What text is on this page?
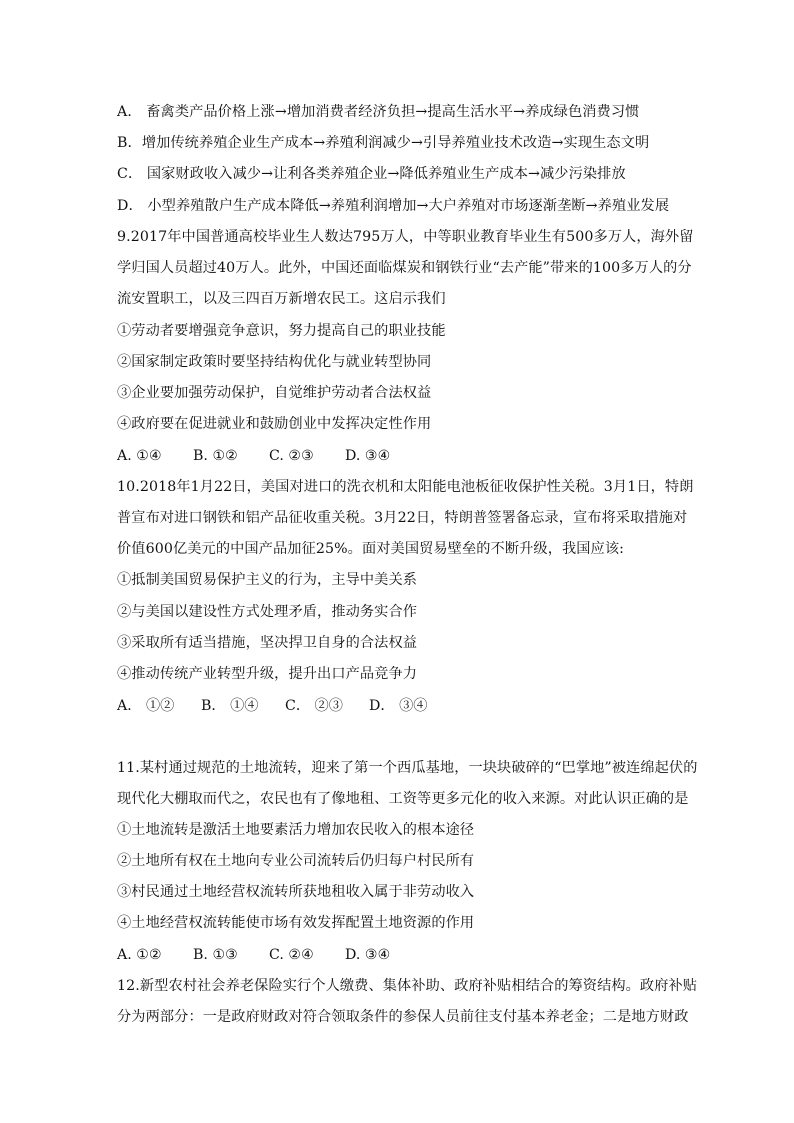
A． 畜禽类产品价格上涨→增加消费者经济负担→提高生活水平→养成绿色消费习惯
B．增加传统养殖企业生产成本→养殖利润减少→引导养殖业技术改造→实现生态文明
C． 国家财政收入减少→让利各类养殖企业→降低养殖业生产成本→减少污染排放
D． 小型养殖散户生产成本降低→养殖利润增加→大户养殖对市场逐渐垄断→养殖业发展
9.2017年中国普通高校毕业生人数达795万人，中等职业教育毕业生有500多万人，海外留
学归国人员超过40万人。此外，中国还面临煤炭和钢铁行业“去产能”带来的100多万人的分
流安置职工，以及三四百万新增农民工。这启示我们
①劳动者要增强竞争意识，努力提高自己的职业技能
②国家制定政策时要坚持结构优化与就业转型协同
③企业要加强劳动保护，自觉维护劳动者合法权益
④政府要在促进就业和鼓励创业中发挥决定性作用
A. ①④ B. ①② C. ②③ D. ③④
10.2018年1月22日，美国对进口的洗衣机和太阳能电池板征收保护性关税。3月1日，特朗
普宣布对进口钢铁和铝产品征收重关税。3月22日，特朗普签署备忘录，宣布将采取措施对
价值600亿美元的中国产品加征25%。面对美国贸易壁垒的不断升级，我国应该:
①抵制美国贸易保护主义的行为，主导中美关系
②与美国以建设性方式处理矛盾，推动务实合作
③采取所有适当措施，坚决捍卫自身的合法权益
④推动传统产业转型升级，提升出口产品竞争力
A． ①② B． ①④ C． ②③ D． ③④
11.某村通过规范的土地流转，迎来了第一个西瓜基地，一块块破碎的“巴掌地”被连绵起伏的
现代化大棚取而代之，农民也有了像地租、工资等更多元化的收入来源。对此认识正确的是
①土地流转是激活土地要素活力增加农民收入的根本途径
②土地所有权在土地向专业公司流转后仍归每户村民所有
③村民通过土地经营权流转所获地租收入属于非劳动收入
④土地经营权流转能使市场有效发挥配置土地资源的作用
A. ①② B. ①③ C. ②④ D. ③④
12.新型农村社会养老保险实行个人缴费、集体补助、政府补贴相结合的筹资结构。政府补贴
分为两部分：一是政府财政对符合领取条件的参保人员前往支付基本养老金；二是地方财政
